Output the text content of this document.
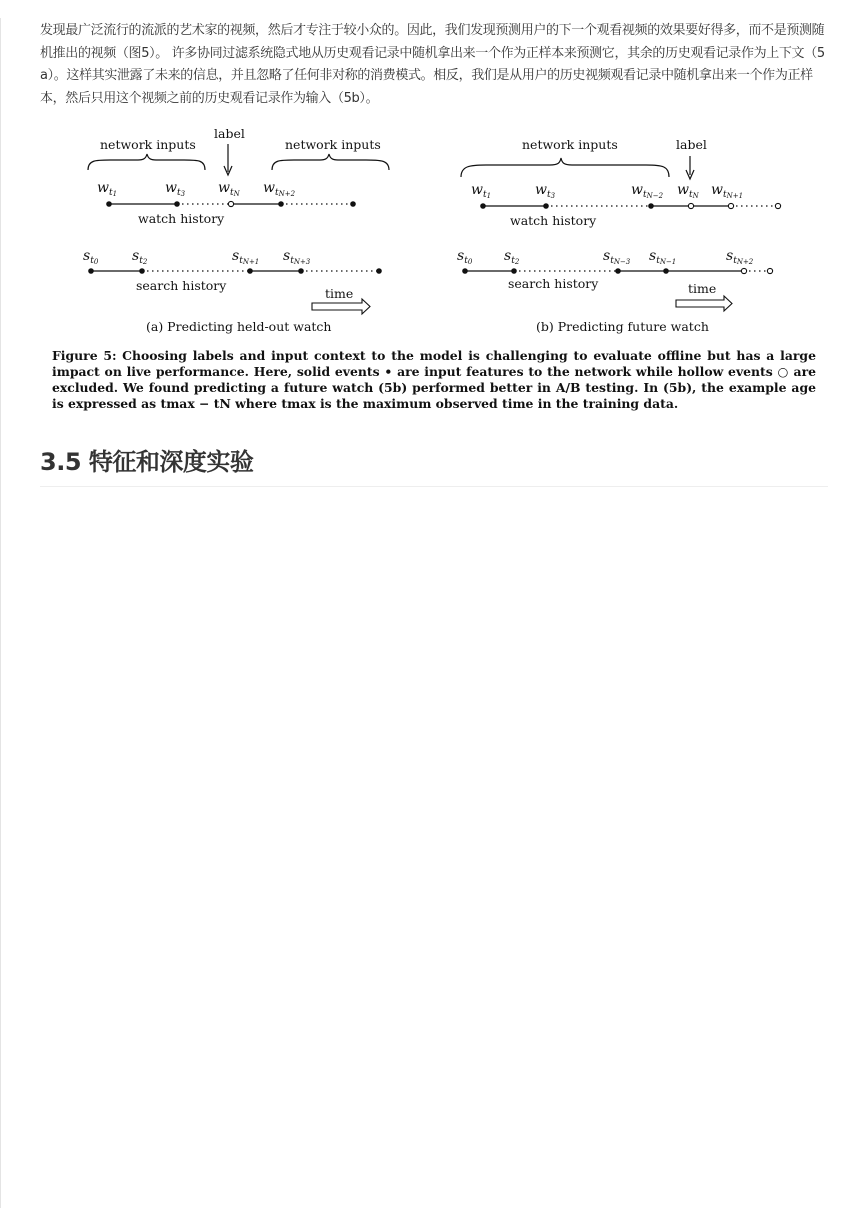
发现最广泛流行的流派的艺术家的视频，然后才专注于较小众的。因此，我们发现预测用户的下一个观看视频的效果要好得多，而不是预测随机推出的视频（图5）。 许多协同过滤系统隐式地从历史观看记录中随机拿出来一个作为正样本来预测它，其余的历史观看记录作为上下文（5a）。这样其实泄露了未来的信息，并且忽略了任何非对称的消费模式。相反，我们是从用户的历史视频观看记录中随机拿出来一个作为正样本，然后只用这个视频之前的历史观看记录作为输入（5b）。

network inputs
label
network inputs
wt1	wt3 wtN wtN+2
watch history
st0 st2	stN+1 stN+3
search history
time
(a) Predicting held-out watch
network inputs	label
wt1	wt3	wtN−2 wtN wtN+1
watch history
st0 st2	stN−3 stN−1	stN+2
search history	time
(b) Predicting future watch

Figure 5: Choosing labels and input context to the model is challenging to evaluate offline but has a large impact on live performance. Here, solid events • are input features to the network while hollow events ○ are excluded. We found predicting a future watch (5b) performed better in A/B testing. In (5b), the example age is expressed as tmax − tN where tmax is the maximum observed time in the training data.

3.5 特征和深度实验
